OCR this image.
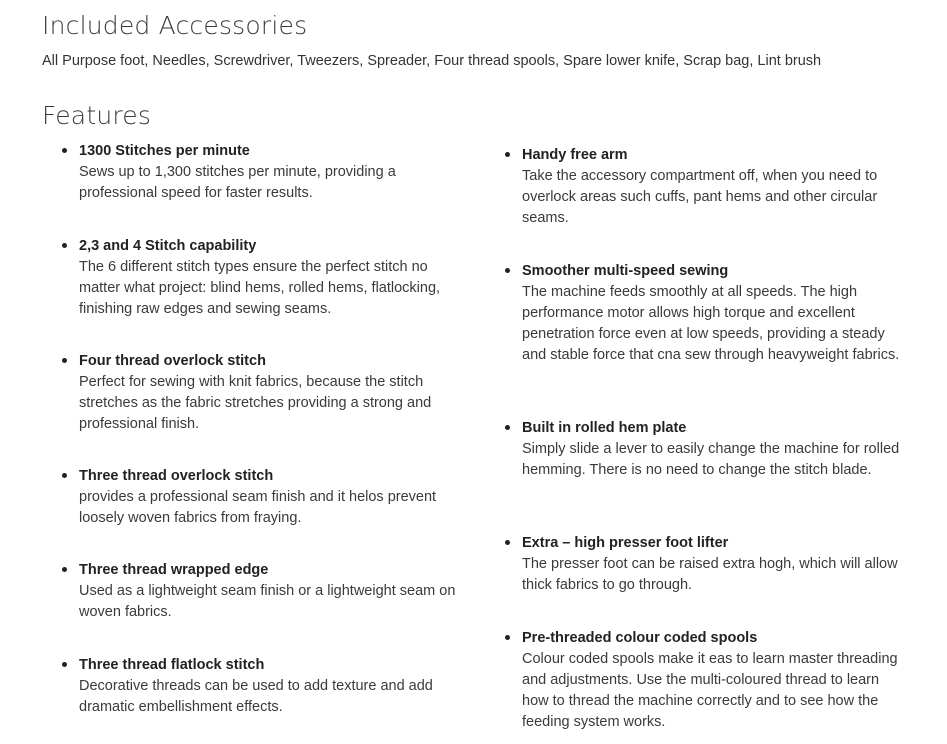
Included Accessories

All Purpose foot, Needles, Screwdriver, Tweezers, Spreader, Four thread spools, Spare lower knife, Scrap bag, Lint brush

Features
1300 Stitches per minute
Sews up to 1,300 stitches per minute, providing a professional speed for faster results.
2,3 and 4 Stitch capability
The 6 different stitch types ensure the perfect stitch no matter what project: blind hems, rolled hems, flatlocking, finishing raw edges and sewing seams.
Four thread overlock stitch
Perfect for sewing with knit fabrics, because the stitch stretches as the fabric stretches providing a strong and professional finish.
Three thread overlock stitch
provides a professional seam finish and it helos prevent loosely woven fabrics from fraying.
Three thread wrapped edge
Used as a lightweight seam finish or a lightweight seam on woven fabrics.
Three thread flatlock stitch
Decorative threads can be used to add texture and add dramatic embellishment effects.
Handy free arm
Take the accessory compartment off, when you need to overlock areas such cuffs, pant hems and other circular seams.
Smoother multi-speed sewing
The machine feeds smoothly at all speeds. The high performance motor allows high torque and excellent penetration force even at low speeds, providing a steady and stable force that cna sew through heavyweight fabrics.
Built in rolled hem plate
Simply slide a lever to easily change the machine for rolled hemming. There is no need to change the stitch blade.
Extra – high presser foot lifter
The presser foot can be raised extra hogh, which will allow thick fabrics to go through.
Pre-threaded colour coded spools
Colour coded spools make it eas to learn master threading and adjustments. Use the multi-coloured thread to learn how to thread the machine correctly and to see how the feeding system works.
